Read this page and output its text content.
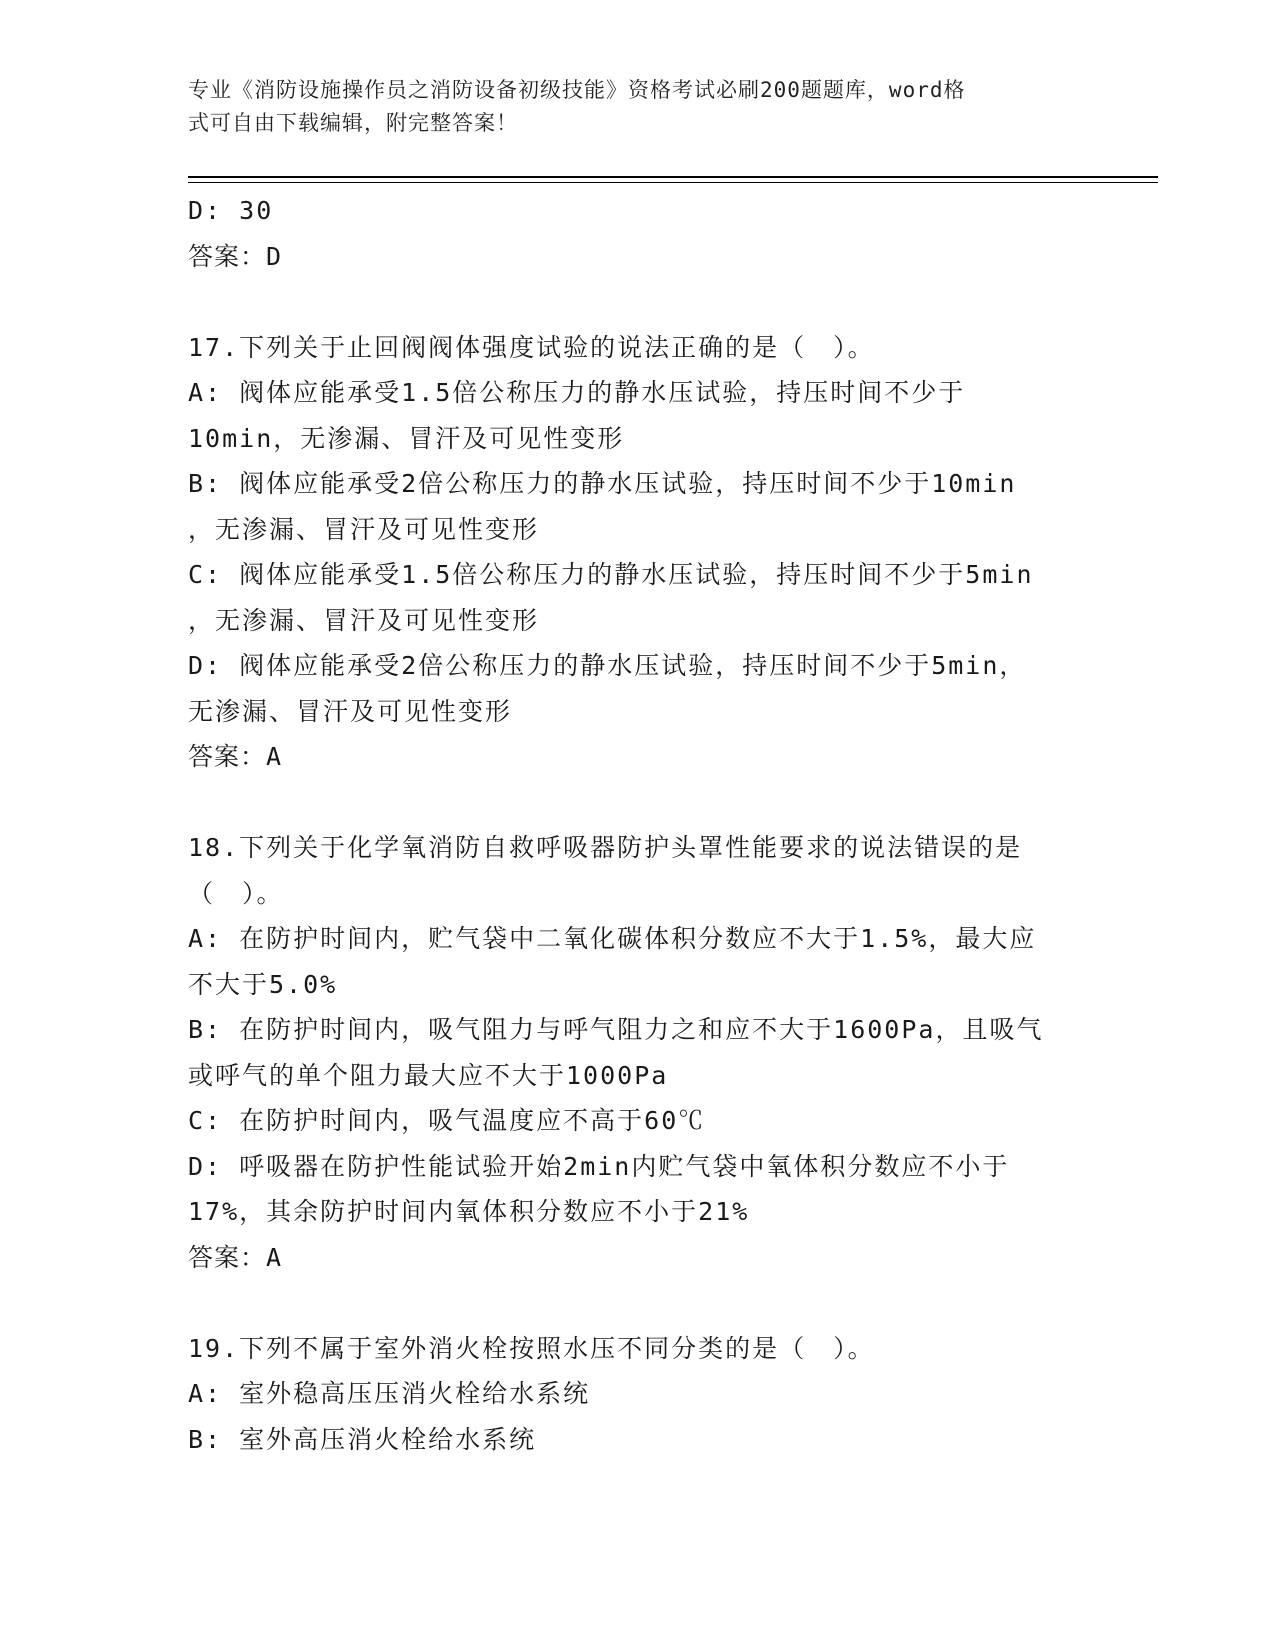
专业《消防设施操作员之消防设备初级技能》资格考试必刷200题题库，word格
式可自由下载编辑，附完整答案！
D: 30
答案：D
17.下列关于止回阀阀体强度试验的说法正确的是（　）。
A: 阀体应能承受1.5倍公称压力的静水压试验，持压时间不少于
10min，无渗漏、冒汗及可见性变形
B: 阀体应能承受2倍公称压力的静水压试验，持压时间不少于10min
，无渗漏、冒汗及可见性变形
C: 阀体应能承受1.5倍公称压力的静水压试验，持压时间不少于5min
，无渗漏、冒汗及可见性变形
D: 阀体应能承受2倍公称压力的静水压试验，持压时间不少于5min，
无渗漏、冒汗及可见性变形
答案：A
18.下列关于化学氧消防自救呼吸器防护头罩性能要求的说法错误的是
（　）。
A: 在防护时间内，贮气袋中二氧化碳体积分数应不大于1.5%，最大应
不大于5.0%
B: 在防护时间内，吸气阻力与呼气阻力之和应不大于1600Pa，且吸气
或呼气的单个阻力最大应不大于1000Pa
C: 在防护时间内，吸气温度应不高于60℃
D: 呼吸器在防护性能试验开始2min内贮气袋中氧体积分数应不小于
17%，其余防护时间内氧体积分数应不小于21%
答案：A
19.下列不属于室外消火栓按照水压不同分类的是（　）。
A: 室外稳高压压消火栓给水系统
B: 室外高压消火栓给水系统
